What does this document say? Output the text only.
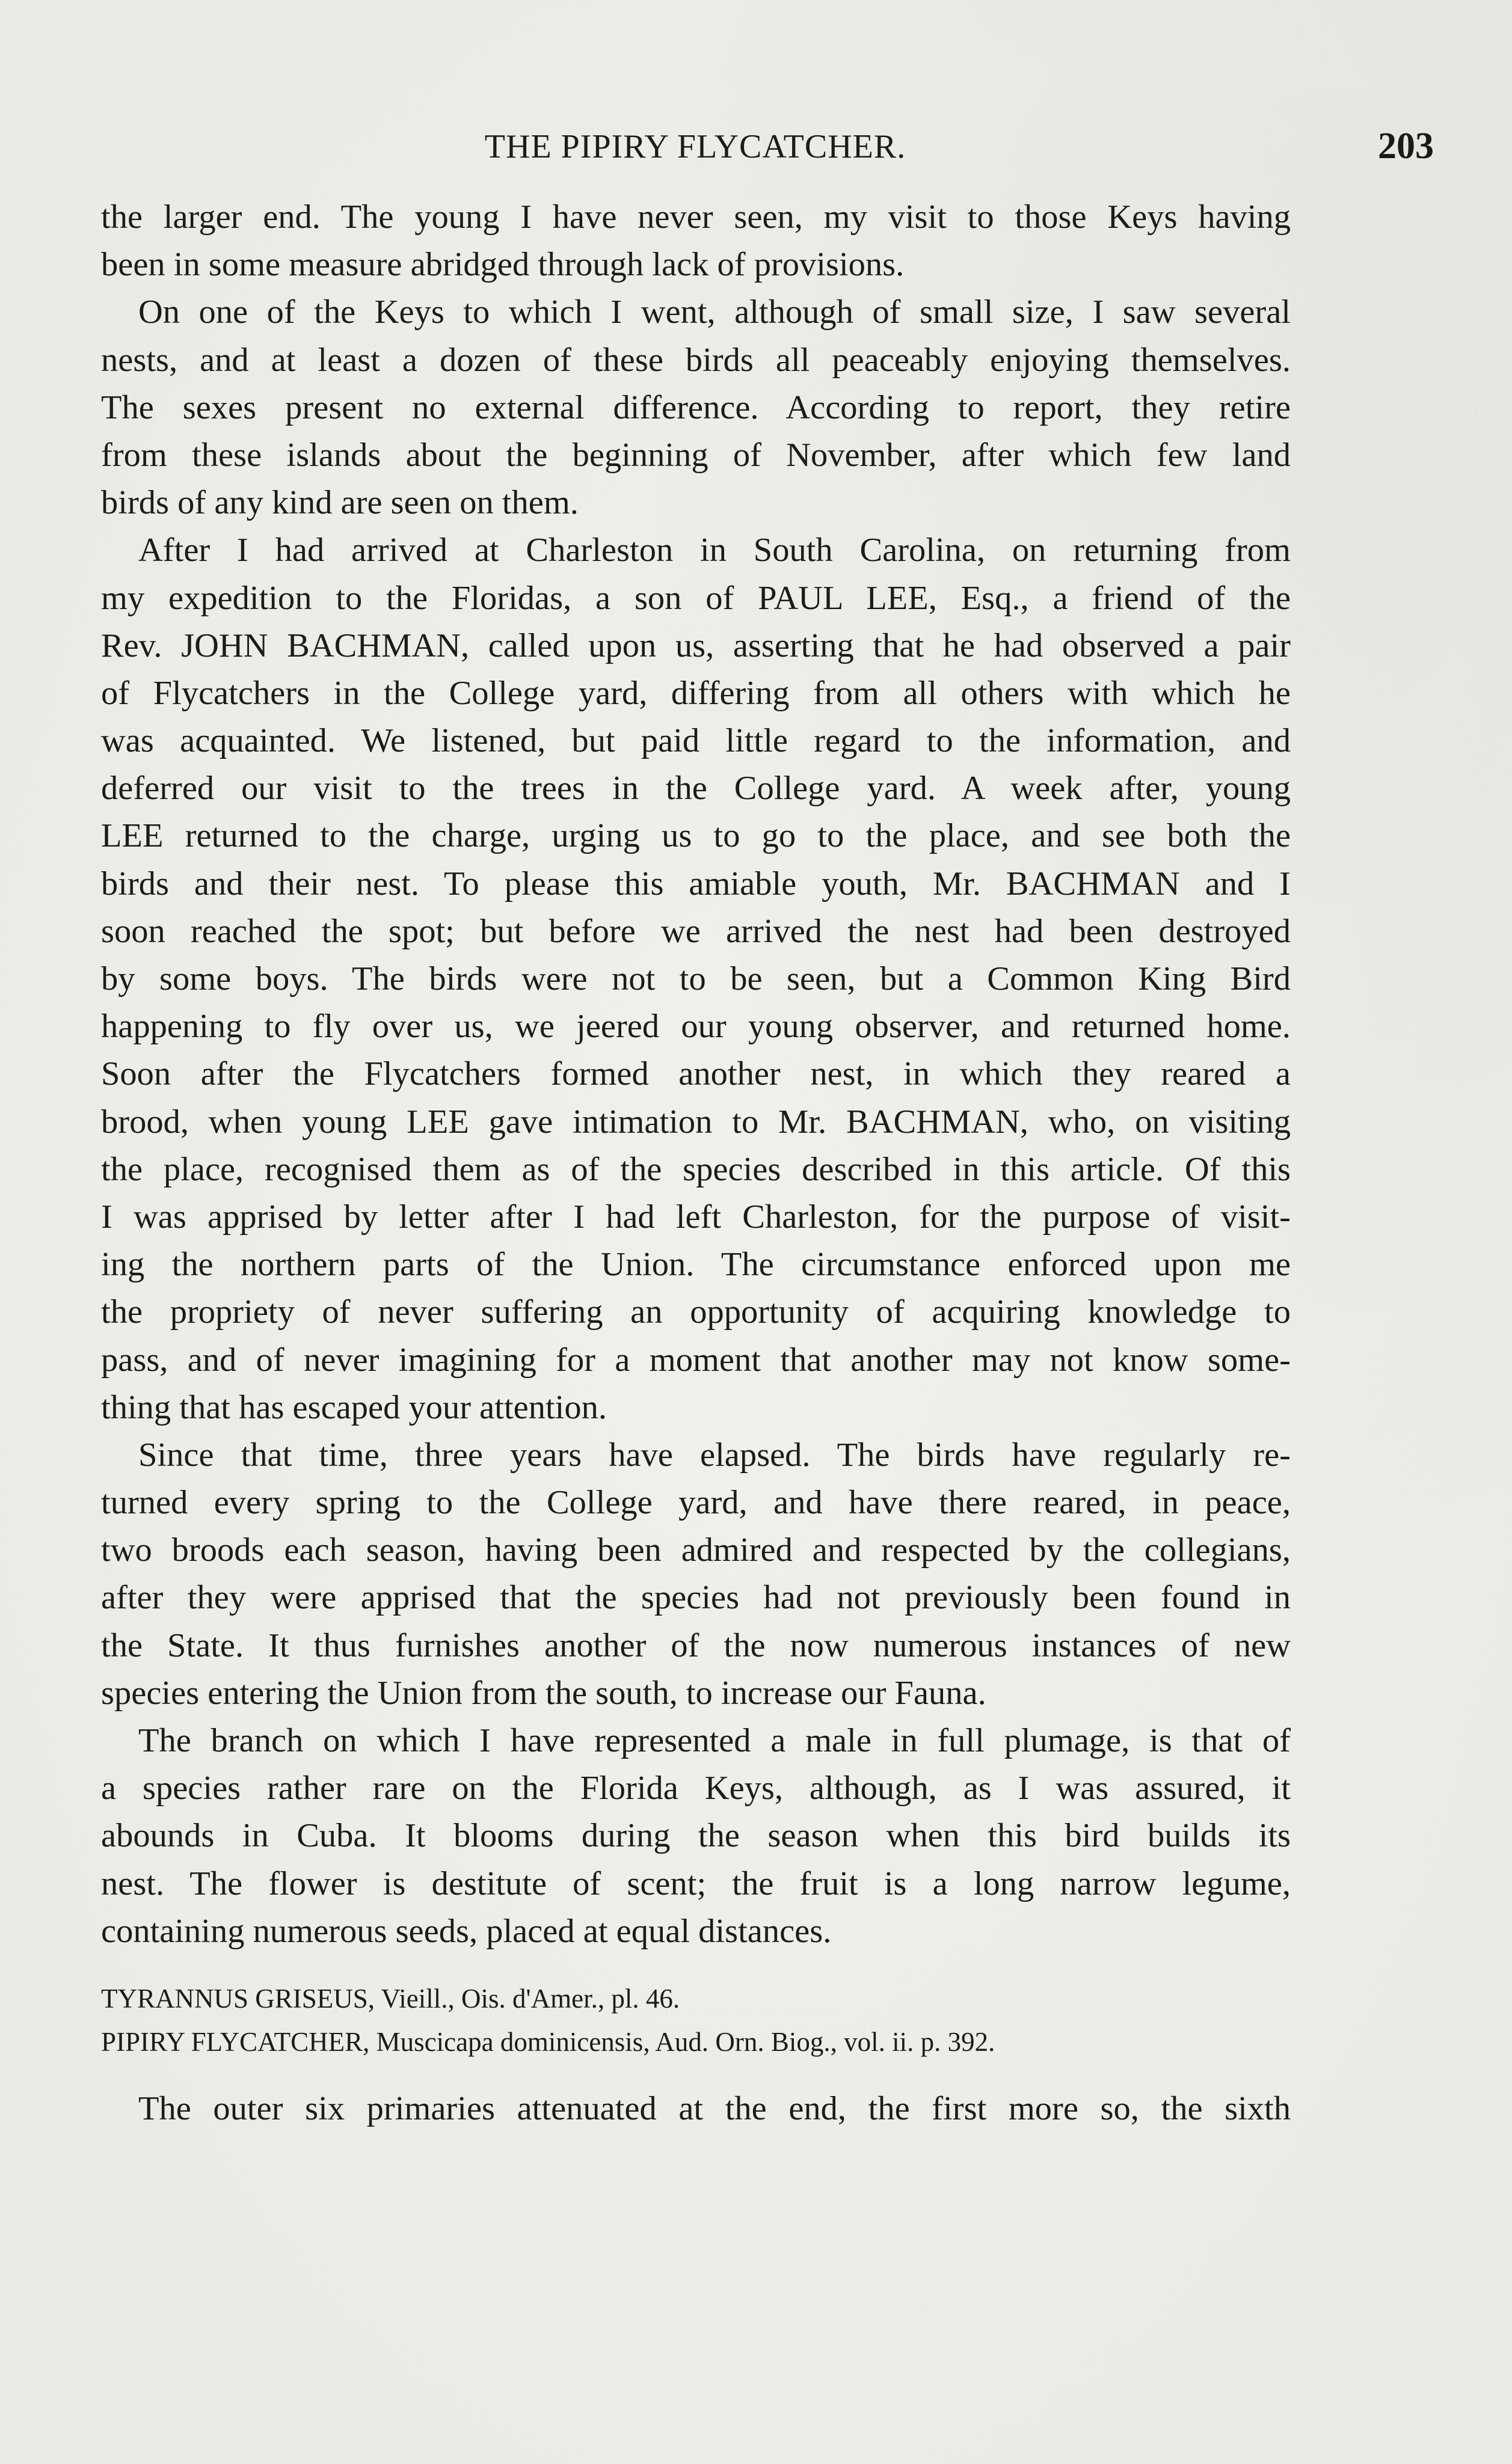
THE PIPIRY FLYCATCHER.	203
the larger end. The young I have never seen, my visit to those Keys having
been in some measure abridged through lack of provisions.
On one of the Keys to which I went, although of small size, I saw several
nests, and at least a dozen of these birds all peaceably enjoying themselves.
The sexes present no external difference. According to report, they retire
from these islands about the beginning of November, after which few land
birds of any kind are seen on them.
After I had arrived at Charleston in South Carolina, on returning from
my expedition to the Floridas, a son of PAUL LEE, Esq., a friend of the
Rev. JOHN BACHMAN, called upon us, asserting that he had observed a pair
of Flycatchers in the College yard, differing from all others with which he
was acquainted. We listened, but paid little regard to the information, and
deferred our visit to the trees in the College yard. A week after, young
LEE returned to the charge, urging us to go to the place, and see both the
birds and their nest. To please this amiable youth, Mr. BACHMAN and I
soon reached the spot; but before we arrived the nest had been destroyed
by some boys. The birds were not to be seen, but a Common King Bird
happening to fly over us, we jeered our young observer, and returned home.
Soon after the Flycatchers formed another nest, in which they reared a
brood, when young LEE gave intimation to Mr. BACHMAN, who, on visiting
the place, recognised them as of the species described in this article. Of this
I was apprised by letter after I had left Charleston, for the purpose of visit-
ing the northern parts of the Union. The circumstance enforced upon me
the propriety of never suffering an opportunity of acquiring knowledge to
pass, and of never imagining for a moment that another may not know some-
thing that has escaped your attention.
Since that time, three years have elapsed. The birds have regularly re-
turned every spring to the College yard, and have there reared, in peace,
two broods each season, having been admired and respected by the collegians,
after they were apprised that the species had not previously been found in
the State. It thus furnishes another of the now numerous instances of new
species entering the Union from the south, to increase our Fauna.
The branch on which I have represented a male in full plumage, is that of
a species rather rare on the Florida Keys, although, as I was assured, it
abounds in Cuba. It blooms during the season when this bird builds its
nest. The flower is destitute of scent; the fruit is a long narrow legume,
containing numerous seeds, placed at equal distances.
TYRANNUS GRISEUS, Vieill., Ois. d'Amer., pl. 46.
PIPIRY FLYCATCHER, Muscicapa dominicensis, Aud. Orn. Biog., vol. ii. p. 392.
The outer six primaries attenuated at the end, the first more so, the sixth
